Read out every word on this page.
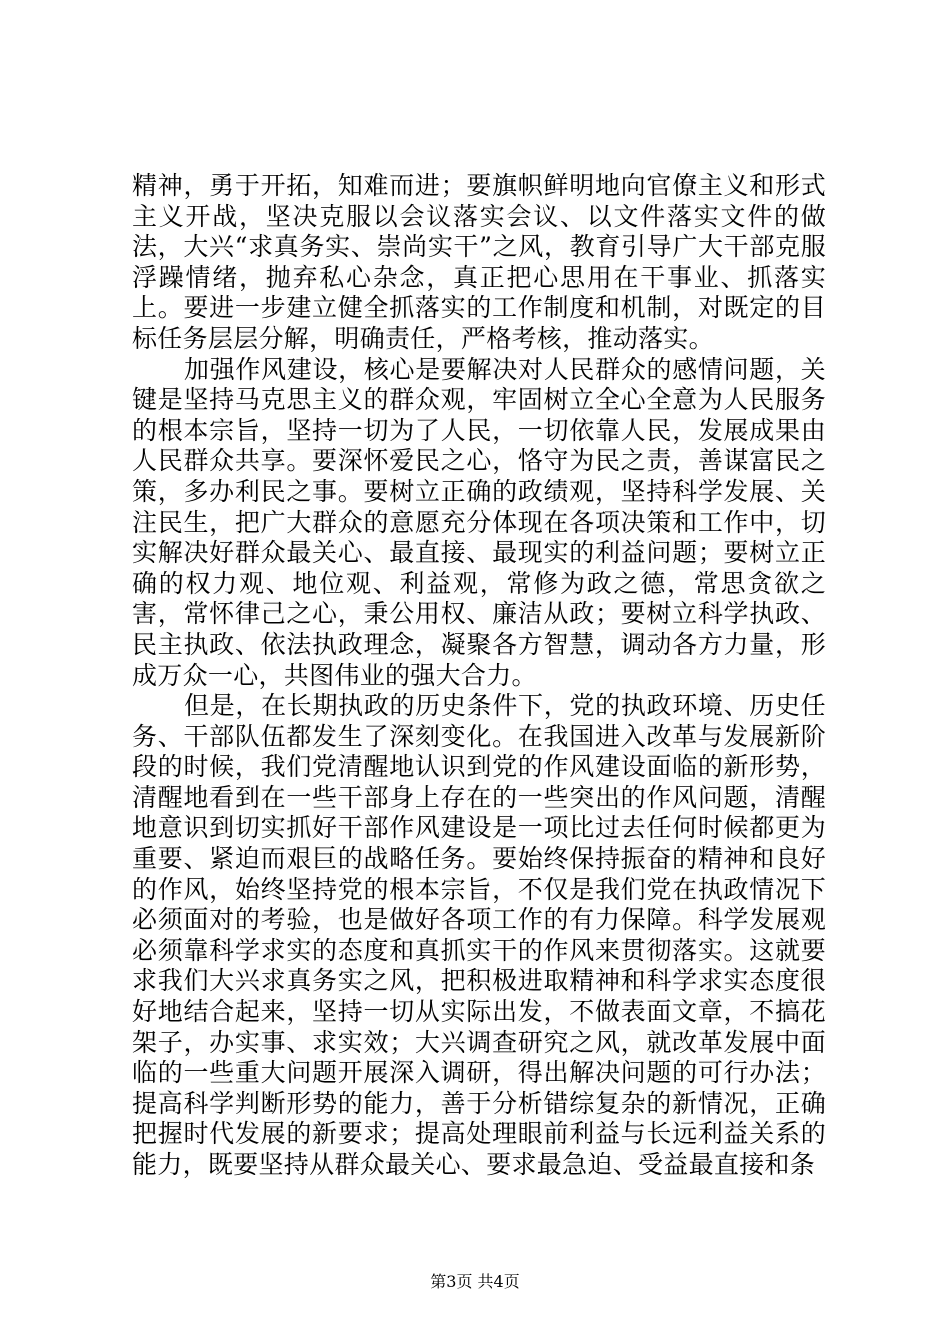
精神，勇于开拓，知难而进；要旗帜鲜明地向官僚主义和形式主义开战，坚决克服以会议落实会议、以文件落实文件的做法，大兴“求真务实、崇尚实干”之风，教育引导广大干部克服浮躁情绪，抛弃私心杂念，真正把心思用在干事业、抓落实上。要进一步建立健全抓落实的工作制度和机制，对既定的目标任务层层分解，明确责任，严格考核，推动落实。

加强作风建设，核心是要解决对人民群众的感情问题，关键是坚持马克思主义的群众观，牢固树立全心全意为人民服务的根本宗旨，坚持一切为了人民，一切依靠人民，发展成果由人民群众共享。要深怀爱民之心，恪守为民之责，善谋富民之策，多办利民之事。要树立正确的政绩观，坚持科学发展、关注民生，把广大群众的意愿充分体现在各项决策和工作中，切实解决好群众最关心、最直接、最现实的利益问题；要树立正确的权力观、地位观、利益观，常修为政之德，常思贪欲之害，常怀律己之心，秉公用权、廉洁从政；要树立科学执政、民主执政、依法执政理念，凝聚各方智慧，调动各方力量，形成万众一心，共图伟业的强大合力。

但是，在长期执政的历史条件下，党的执政环境、历史任务、干部队伍都发生了深刻变化。在我国进入改革与发展新阶段的时候，我们党清醒地认识到党的作风建设面临的新形势，清醒地看到在一些干部身上存在的一些突出的作风问题，清醒地意识到切实抓好干部作风建设是一项比过去任何时候都更为重要、紧迫而艰巨的战略任务。要始终保持振奋的精神和良好的作风，始终坚持党的根本宗旨，不仅是我们党在执政情况下必须面对的考验，也是做好各项工作的有力保障。科学发展观必须靠科学求实的态度和真抓实干的作风来贯彻落实。这就要求我们大兴求真务实之风，把积极进取精神和科学求实态度很好地结合起来，坚持一切从实际出发，不做表面文章，不搞花架子，办实事、求实效；大兴调查研究之风，就改革发展中面临的一些重大问题开展深入调研，得出解决问题的可行办法；提高科学判断形势的能力，善于分析错综复杂的新情况，正确把握时代发展的新要求；提高处理眼前利益与长远利益关系的能力，既要坚持从群众最关心、要求最急迫、受益最直接和条

第3页 共4页
